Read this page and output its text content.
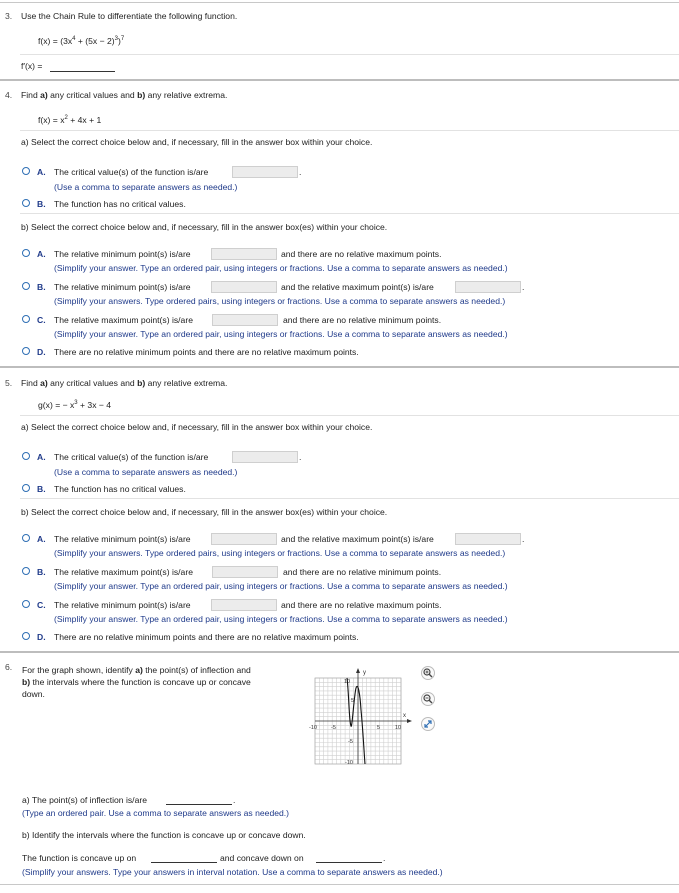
3. Use the Chain Rule to differentiate the following function.
$f(x) = (3x^4 + (5x - 2)^3)^7$
f′(x) =
4. Find a) any critical values and b) any relative extrema.
$f(x) = x^2 + 4x + 1$
a) Select the correct choice below and, if necessary, fill in the answer box within your choice.
A. The critical value(s) of the function is/are	.
(Use a comma to separate answers as needed.)
B. The function has no critical values.
b) Select the correct choice below and, if necessary, fill in the answer box(es) within your choice.
A. The relative minimum point(s) is/are	and there are no relative maximum points.
(Simplify your answer. Type an ordered pair, using integers or fractions. Use a comma to separate answers as needed.)
B. The relative minimum point(s) is/are	and the relative maximum point(s) is/are	.
(Simplify your answers. Type ordered pairs, using integers or fractions. Use a comma to separate answers as needed.)
C. The relative maximum point(s) is/are	and there are no relative minimum points.
(Simplify your answer. Type an ordered pair, using integers or fractions. Use a comma to separate answers as needed.)
D. There are no relative minimum points and there are no relative maximum points.
5. Find a) any critical values and b) any relative extrema.
g(x) = − $x^3 + 3x - 4$
a) Select the correct choice below and, if necessary, fill in the answer box within your choice.
A. The critical value(s) of the function is/are	.
(Use a comma to separate answers as needed.)
B. The function has no critical values.
b) Select the correct choice below and, if necessary, fill in the answer box(es) within your choice.
A. The relative minimum point(s) is/are	and the relative maximum point(s) is/are	.
(Simplify your answers. Type ordered pairs, using integers or fractions. Use a comma to separate answers as needed.)
B. The relative maximum point(s) is/are	and there are no relative minimum points.
(Simplify your answer. Type an ordered pair, using integers or fractions. Use a comma to separate answers as needed.)
C. The relative minimum point(s) is/are	and there are no relative maximum points.
(Simplify your answer. Type an ordered pair, using integers or fractions. Use a comma to separate answers as needed.)
D. There are no relative minimum points and there are no relative maximum points.
6. For the graph shown, identify a) the point(s) of inflection and
b) the intervals where the function is concave up or concave
down.
y
x
10
5
-5
-10
-10	-5	5	10
a) The point(s) of inflection is/are	.
(Type an ordered pair. Use a comma to separate answers as needed.)
b) Identify the intervals where the function is concave up or concave down.
The function is concave up on	and concave down on	.
(Simplify your answers. Type your answers in interval notation. Use a comma to separate answers as needed.)
